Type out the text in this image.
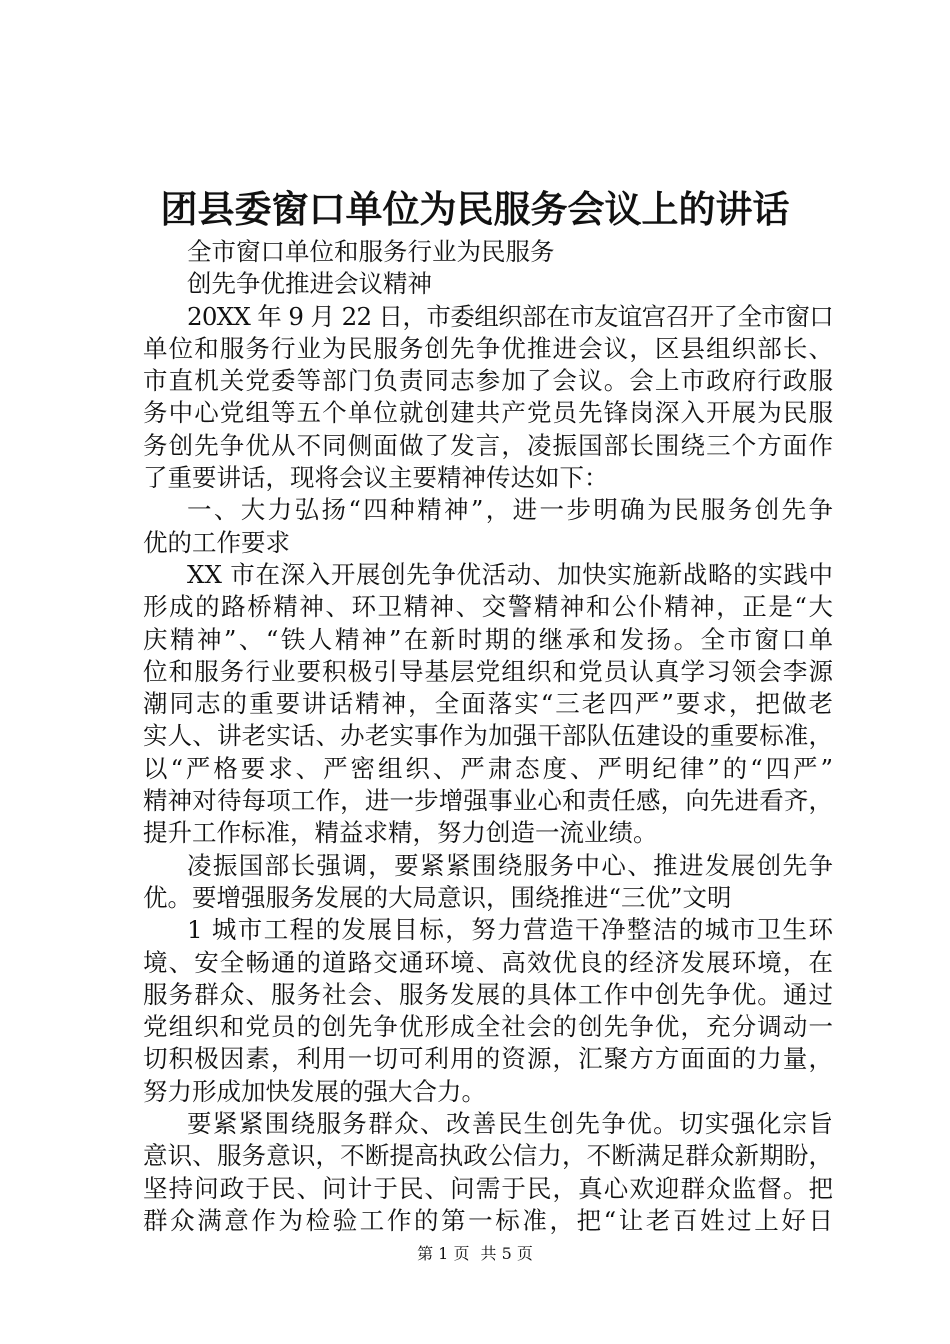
团县委窗口单位为民服务会议上的讲话
全市窗口单位和服务行业为民服务
创先争优推进会议精神
20XX 年 9 月 22 日，市委组织部在市友谊宫召开了全市窗口
单位和服务行业为民服务创先争优推进会议，区县组织部长、
市直机关党委等部门负责同志参加了会议。会上市政府行政服
务中心党组等五个单位就创建共产党员先锋岗深入开展为民服
务创先争优从不同侧面做了发言，凌振国部长围绕三个方面作
了重要讲话，现将会议主要精神传达如下：
一、大力弘扬“四种精神”，进一步明确为民服务创先争
优的工作要求
XX 市在深入开展创先争优活动、加快实施新战略的实践中
形成的路桥精神、环卫精神、交警精神和公仆精神，正是“大
庆精神”、“铁人精神”在新时期的继承和发扬。全市窗口单
位和服务行业要积极引导基层党组织和党员认真学习领会李源
潮同志的重要讲话精神，全面落实“三老四严”要求，把做老
实人、讲老实话、办老实事作为加强干部队伍建设的重要标准，
以“严格要求、严密组织、严肃态度、严明纪律”的“四严”
精神对待每项工作，进一步增强事业心和责任感，向先进看齐，
提升工作标准，精益求精，努力创造一流业绩。
凌振国部长强调，要紧紧围绕服务中心、推进发展创先争
优。要增强服务发展的大局意识，围绕推进“三优”文明
1 城市工程的发展目标，努力营造干净整洁的城市卫生环
境、安全畅通的道路交通环境、高效优良的经济发展环境，在
服务群众、服务社会、服务发展的具体工作中创先争优。通过
党组织和党员的创先争优形成全社会的创先争优，充分调动一
切积极因素，利用一切可利用的资源，汇聚方方面面的力量，
努力形成加快发展的强大合力。
要紧紧围绕服务群众、改善民生创先争优。切实强化宗旨
意识、服务意识，不断提高执政公信力，不断满足群众新期盼，
坚持问政于民、问计于民、问需于民，真心欢迎群众监督。把
群众满意作为检验工作的第一标准，把“让老百姓过上好日
第 1 页 共 5 页
